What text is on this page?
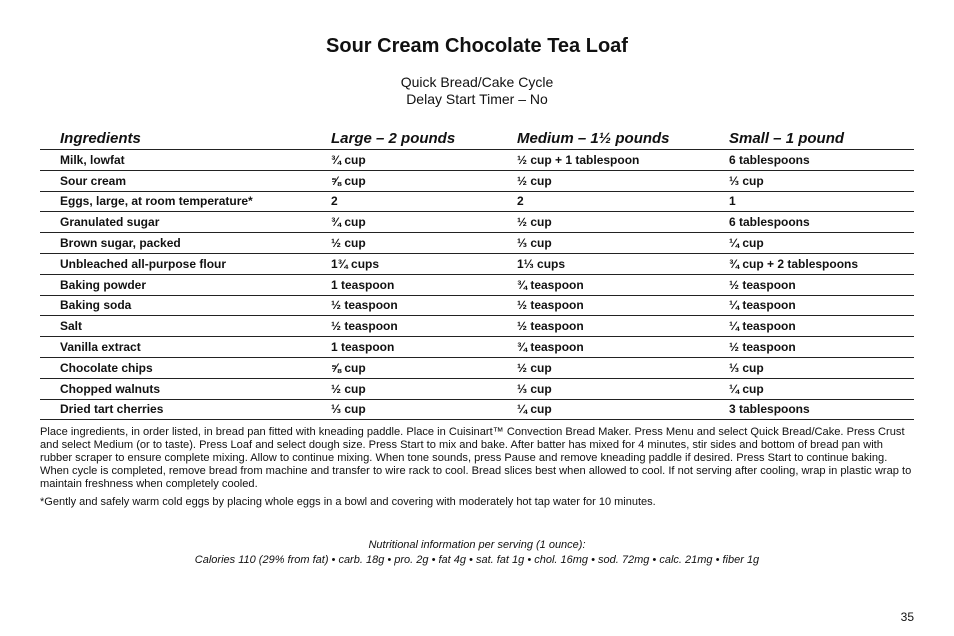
Sour Cream Chocolate Tea Loaf
Quick Bread/Cake Cycle
Delay Start Timer – No
Ingredients	Large – 2 pounds	Medium – 1½ pounds	Small – 1 pound
Milk, lowfat	¾ cup	½ cup + 1 tablespoon	6 tablespoons
Sour cream	⅝ cup	½ cup	⅓ cup
Eggs, large, at room temperature*	2	2	1
Granulated sugar	¾ cup	½ cup	6 tablespoons
Brown sugar, packed	½ cup	⅓ cup	¼ cup
Unbleached all-purpose flour	1¾ cups	1⅓ cups	¾ cup + 2 tablespoons
Baking powder	1 teaspoon	¾ teaspoon	½ teaspoon
Baking soda	½ teaspoon	½ teaspoon	¼ teaspoon
Salt	½ teaspoon	½ teaspoon	¼ teaspoon
Vanilla extract	1 teaspoon	¾ teaspoon	½ teaspoon
Chocolate chips	⅝ cup	½ cup	⅓ cup
Chopped walnuts	½ cup	⅓ cup	¼ cup
Dried tart cherries	⅓ cup	¼ cup	3 tablespoons

Place ingredients, in order listed, in bread pan fitted with kneading paddle. Place in Cuisinart™ Convection Bread Maker. Press Menu and select Quick Bread/Cake. Press Crust and select Medium (or to taste). Press Loaf and select dough size. Press Start to mix and bake. After batter has mixed for 4 minutes, stir sides and bottom of bread pan with rubber scraper to ensure complete mixing. Allow to continue mixing. When tone sounds, press Pause and remove kneading paddle if desired. Press Start to continue baking. When cycle is completed, remove bread from machine and transfer to wire rack to cool. Bread slices best when allowed to cool. If not serving after cooling, wrap in plastic wrap to maintain freshness when completely cooled.

*Gently and safely warm cold eggs by placing whole eggs in a bowl and covering with moderately hot tap water for 10 minutes.

Nutritional information per serving (1 ounce):
Calories 110 (29% from fat) • carb. 18g • pro. 2g • fat 4g • sat. fat 1g • chol. 16mg • sod. 72mg • calc. 21mg • fiber 1g
35
